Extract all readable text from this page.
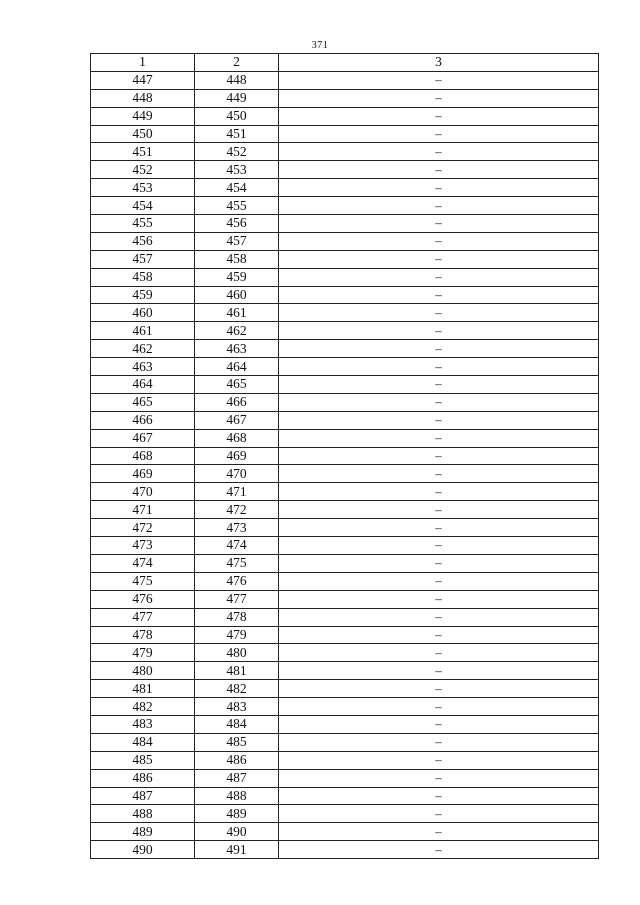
371
1	2	3
447	448	–
448	449	–
449	450	–
450	451	–
451	452	–
452	453	–
453	454	–
454	455	–
455	456	–
456	457	–
457	458	–
458	459	–
459	460	–
460	461	–
461	462	–
462	463	–
463	464	–
464	465	–
465	466	–
466	467	–
467	468	–
468	469	–
469	470	–
470	471	–
471	472	–
472	473	–
473	474	–
474	475	–
475	476	–
476	477	–
477	478	–
478	479	–
479	480	–
480	481	–
481	482	–
482	483	–
483	484	–
484	485	–
485	486	–
486	487	–
487	488	–
488	489	–
489	490	–
490	491	–
